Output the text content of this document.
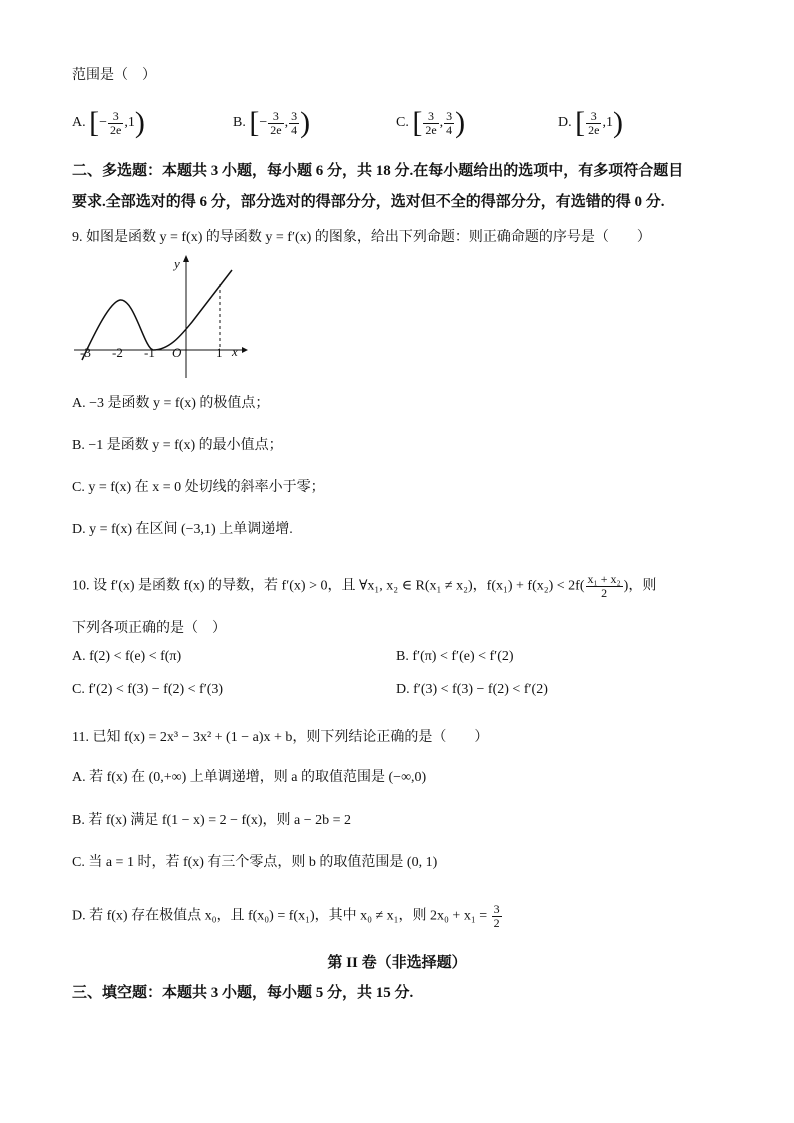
范围是（　）
A. [− $\frac{3}{2e} ,1$)	B. [− $\frac{3}{2e}$ , $\frac{3}{4}$ )	C. [ $\frac{3}{2e}$ , $\frac{3}{4}$ )	D. [ $\frac{3}{2e} ,1$)
二、多选题：本题共 3 小题，每小题 6 分，共 18 分.在每小题给出的选项中，有多项符合题目
要求.全部选对的得 6 分，部分选对的得部分分，选对但不全的得部分分，有选错的得 0 分.
9. 如图是函数 y = f(x) 的导函数 y = f′(x) 的图象，给出下列命题：则正确命题的序号是（　　）
y
x
O
-3 -2 -1	1
A. −3 是函数 y = f(x) 的极值点；
B. −1 是函数 y = f(x) 的最小值点；
C. y = f(x) 在 x = 0 处切线的斜率小于零；
D. y = f(x) 在区间 (−3,1) 上单调递增.
10. 设 f′(x) 是函数 f(x) 的导数，若 f′(x) > 0，且 ∀x₁, x₂ ∈ R(x₁ ≠ x₂)，$f(x_1) + f(x_2) < 2f( \frac{\text{x₁ + x₂}}{2}$ )，则
下列各项正确的是（　）
A. f(2) < f(e) < f(π)	B. f′(π) < f′(e) < f′(2)
C. f′(2) < f(3) − f(2) < f′(3)	D. f′(3) < f(3) − f(2) < f′(2)
11. 已知 f(x) = 2x³ − 3x² + (1 − a)x + b，则下列结论正确的是（　　）
A. 若 f(x) 在 (0,+∞) 上单调递增，则 a 的取值范围是 (−∞,0)
B. 若 f(x) 满足 f(1 − x) = 2 − f(x)，则 a − 2b = 2
C. 当 a = 1 时，若 f(x) 有三个零点，则 b 的取值范围是 (0, 1)
D. 若 f(x) 存在极值点 x₀，且 f(x₀) = f(x₁)，其中 x₀ ≠ x₁，则 $2x_0 + x_1 = \frac{3}{2}$
第 II 卷（非选择题）
三、填空题：本题共 3 小题，每小题 5 分，共 15 分.
